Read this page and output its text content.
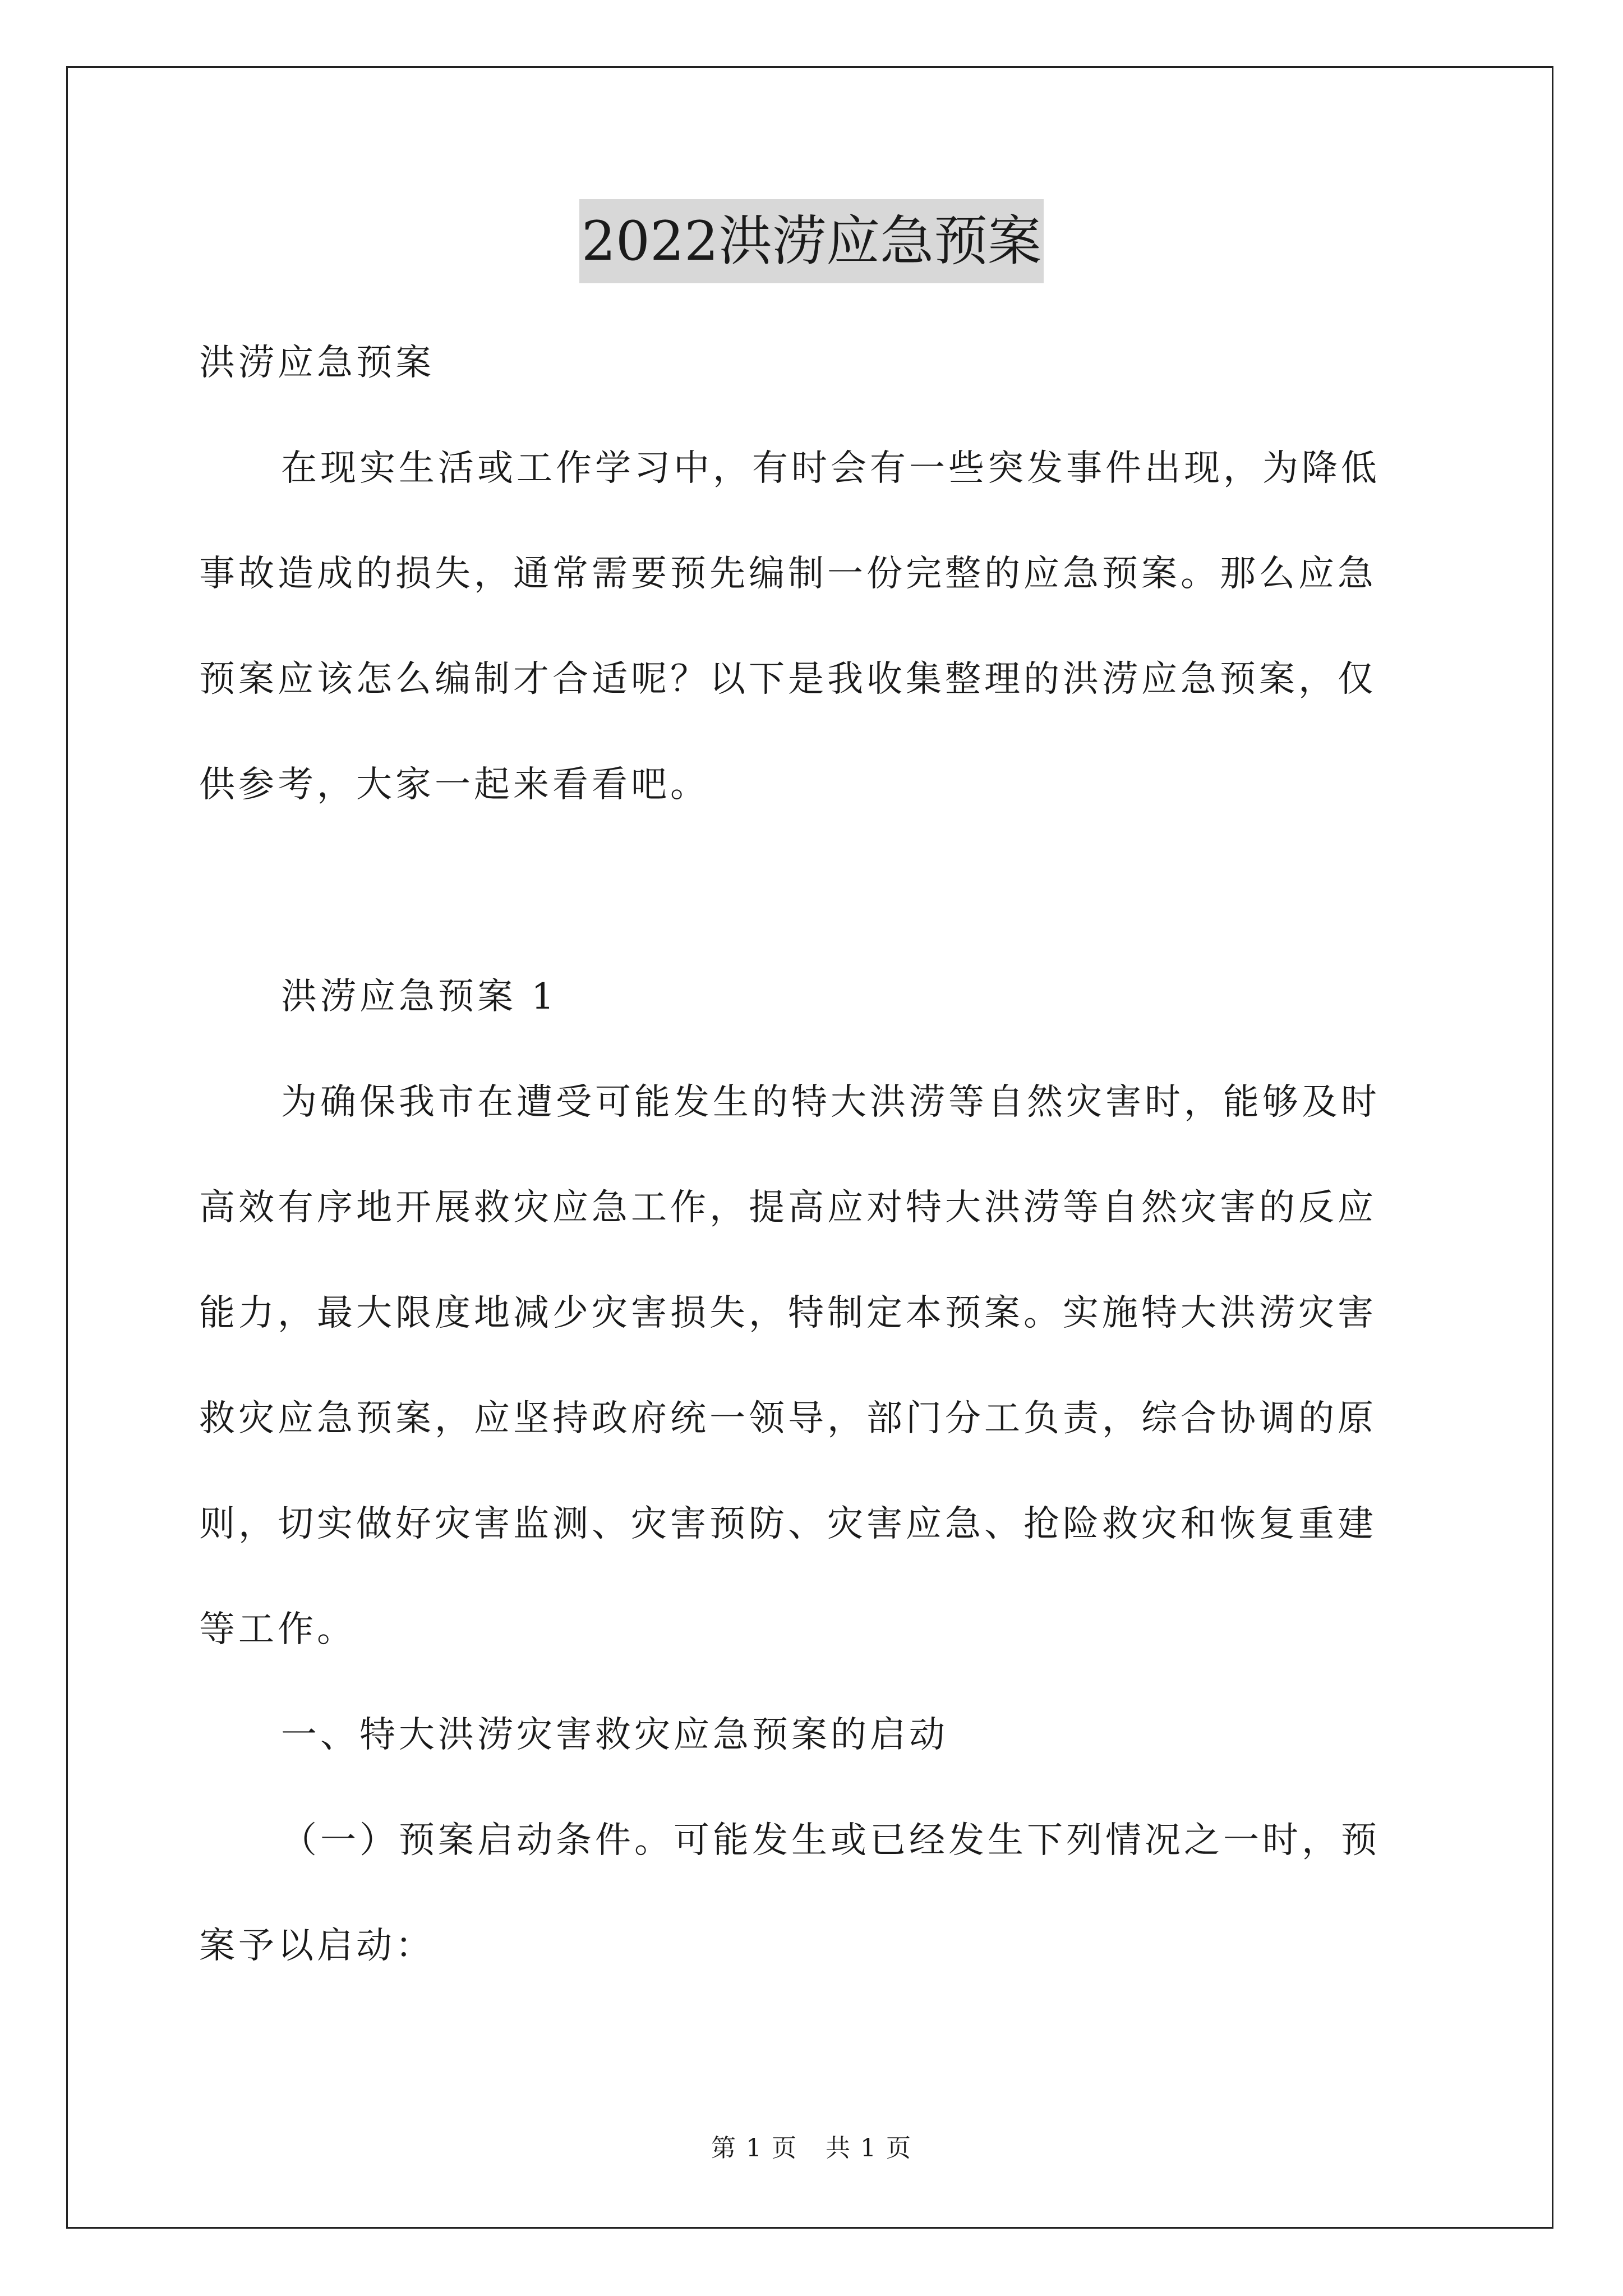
2022洪涝应急预案
洪涝应急预案
在现实生活或工作学习中，有时会有一些突发事件出现，为降低
事故造成的损失，通常需要预先编制一份完整的应急预案。那么应急
预案应该怎么编制才合适呢？以下是我收集整理的洪涝应急预案，仅
供参考，大家一起来看看吧。
洪涝应急预案 1
为确保我市在遭受可能发生的特大洪涝等自然灾害时，能够及时
高效有序地开展救灾应急工作，提高应对特大洪涝等自然灾害的反应
能力，最大限度地减少灾害损失，特制定本预案。实施特大洪涝灾害
救灾应急预案，应坚持政府统一领导，部门分工负责，综合协调的原
则，切实做好灾害监测、灾害预防、灾害应急、抢险救灾和恢复重建
等工作。
一、特大洪涝灾害救灾应急预案的启动
（一）预案启动条件。可能发生或已经发生下列情况之一时，预
案予以启动：
第 1 页 共 1 页
